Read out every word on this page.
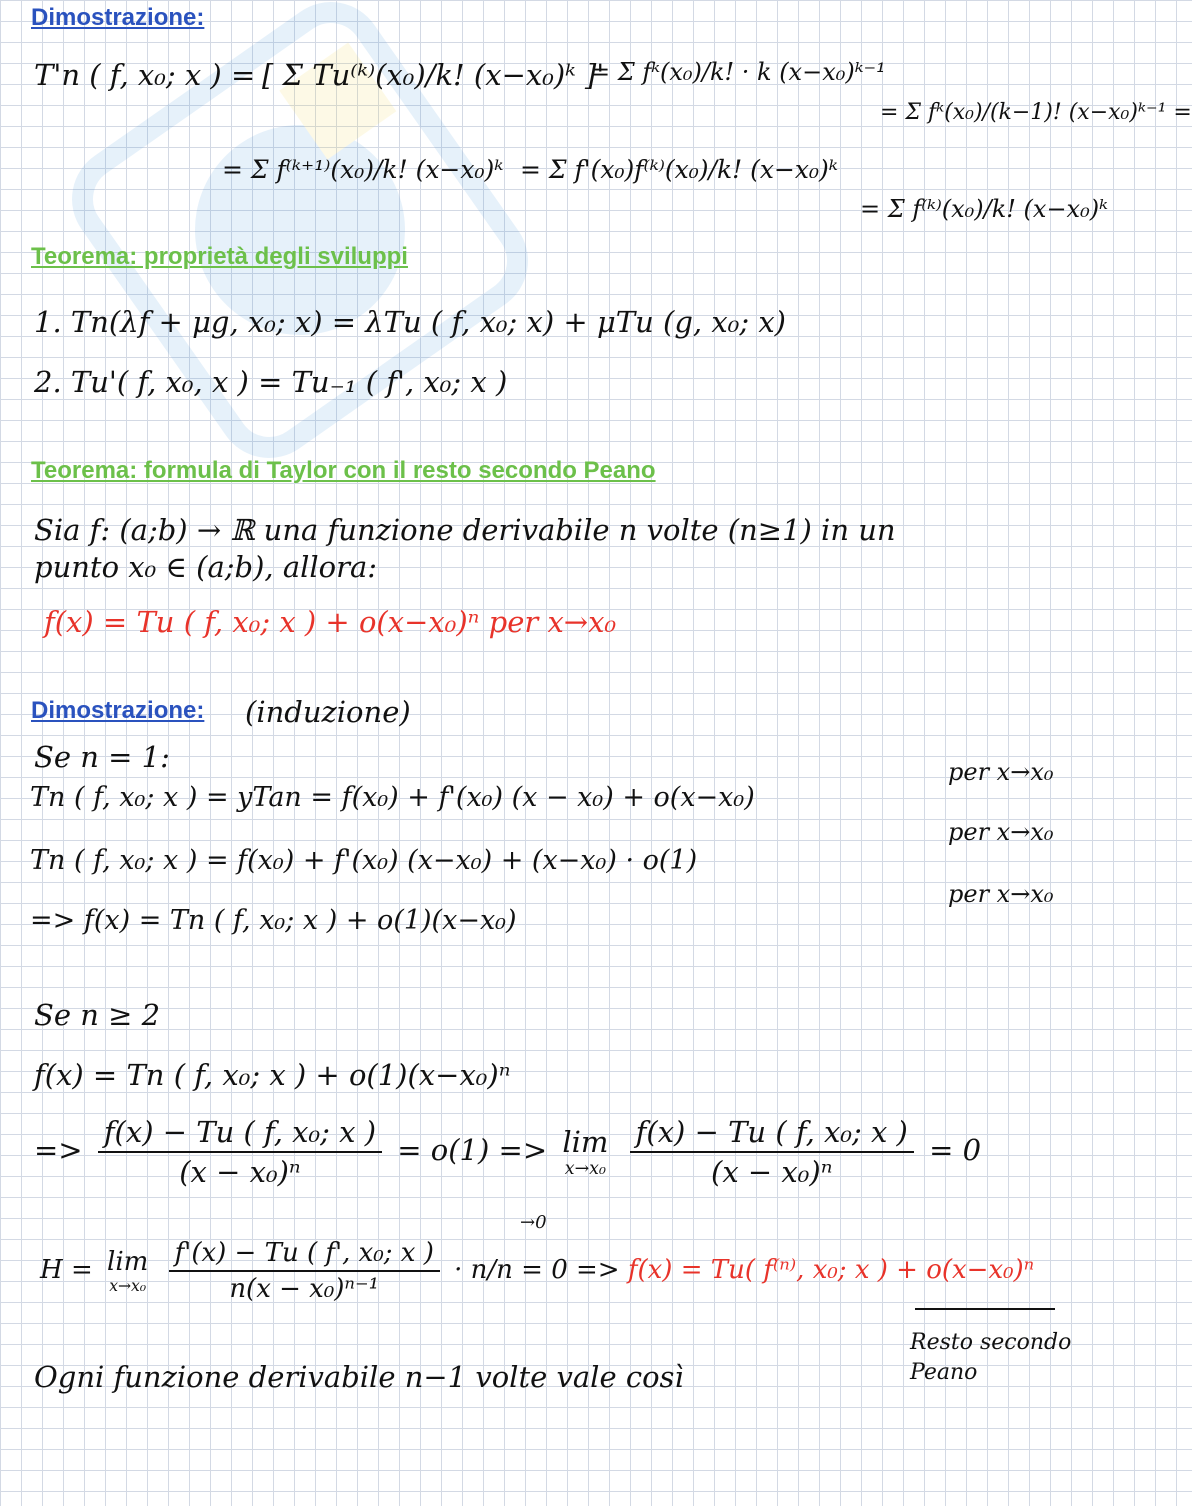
Dimostrazione:
T'n ( f, x₀; x ) = [ Σ Tu⁽ᵏ⁾(x₀)/k! (x−x₀)ᵏ ]'
= Σ fᵏ(x₀)/k! · k (x−x₀)ᵏ⁻¹
= Σ fᵏ(x₀)/(k−1)! (x−x₀)ᵏ⁻¹ =
= Σ f⁽ᵏ⁺¹⁾(x₀)/k! (x−x₀)ᵏ = Σ f'(x₀)f⁽ᵏ⁾(x₀)/k! (x−x₀)ᵏ
= Σ f⁽ᵏ⁾(x₀)/k! (x−x₀)ᵏ
Teorema: proprietà degli sviluppi
1. Tn(λf + μg, x₀; x) = λTu ( f, x₀; x) + μTu (g, x₀; x)
2. Tu'( f, x₀, x ) = Tu₋₁ ( f', x₀; x )
Teorema: formula di Taylor con il resto secondo Peano
Sia f: (a;b) → ℝ una funzione derivabile n volte (n≥1) in un
punto x₀ ∈ (a;b), allora:
f(x) = Tu ( f, x₀; x ) + o(x−x₀)ⁿ per x→x₀
Dimostrazione: (induzione)
Se n = 1:
Tn ( f, x₀; x ) = yTan = f(x₀) + f'(x₀) (x − x₀) + o(x−x₀)
Tn ( f, x₀; x ) = f(x₀) + f'(x₀) (x−x₀) + (x−x₀) · o(1)
=> f(x) = Tn ( f, x₀; x ) + o(1)(x−x₀)
per x→x₀
per x→x₀
per x→x₀
Se n ≥ 2
f(x) = Tn ( f, x₀; x ) + o(1)(x−x₀)ⁿ
=> $\frac{\text{f(x) − Tu ( f, x₀; x )}}{\text{(x − x₀)ⁿ}} = o(1) => \lim$
x→x₀
$\frac{\text{f(x) − Tu ( f, x₀; x )}}{\text{(x − x₀)ⁿ}} = 0$
→0
H = lim
x→x₀
$\frac{\text{f'(x) − Tu ( f', x₀; x )}}{\text{n(x − x₀)ⁿ⁻¹}} \cdot n/n = 0 => f(x) = Tu$( f⁽ⁿ⁾, x₀; x ) + o(x−x₀)ⁿ
Resto secondo
Peano
Ogni funzione derivabile n−1 volte vale così
